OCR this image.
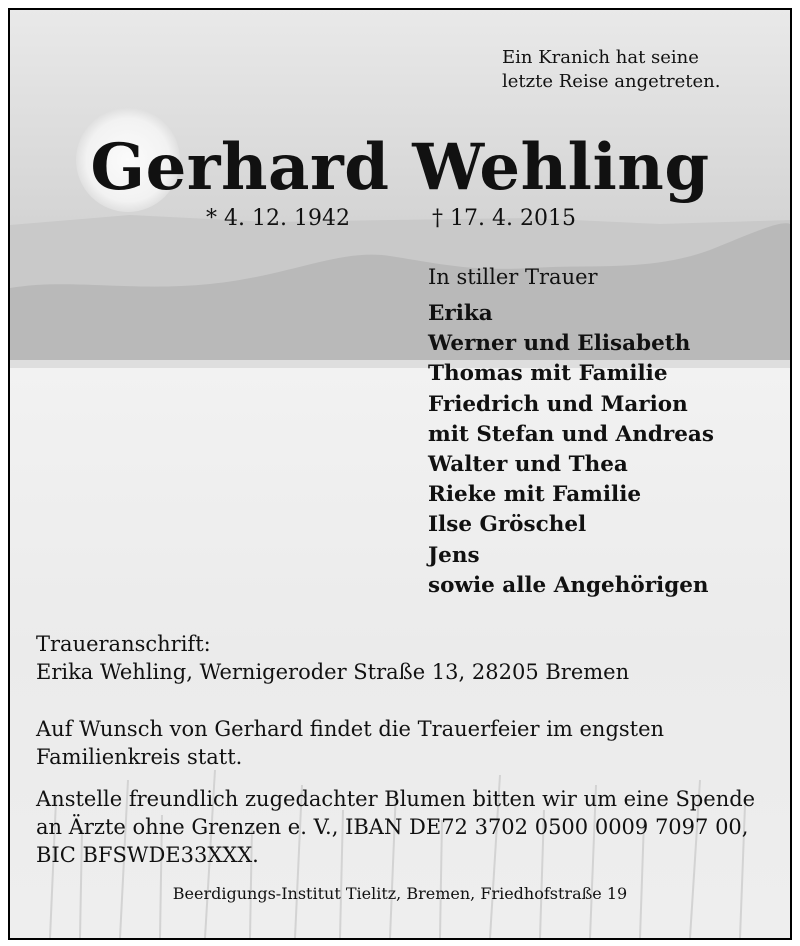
Ein Kranich hat seine
letzte Reise angetreten.

Gerhard Wehling

* 4. 12. 1942	† 17. 4. 2015

In stiller Trauer

Erika
Werner und Elisabeth
Thomas mit Familie
Friedrich und Marion
mit Stefan und Andreas
Walter und Thea
Rieke mit Familie
Ilse Gröschel
Jens
sowie alle Angehörigen

Traueranschrift:

Erika Wehling, Wernigeroder Straße 13, 28205 Bremen

Auf Wunsch von Gerhard findet die Trauerfeier im engsten Familienkreis statt.

Anstelle freundlich zugedachter Blumen bitten wir um eine Spende an Ärzte ohne Grenzen e. V., IBAN DE72 3702 0500 0009 7097 00, BIC BFSWDE33XXX.

Beerdigungs-Institut Tielitz, Bremen, Friedhofstraße 19
